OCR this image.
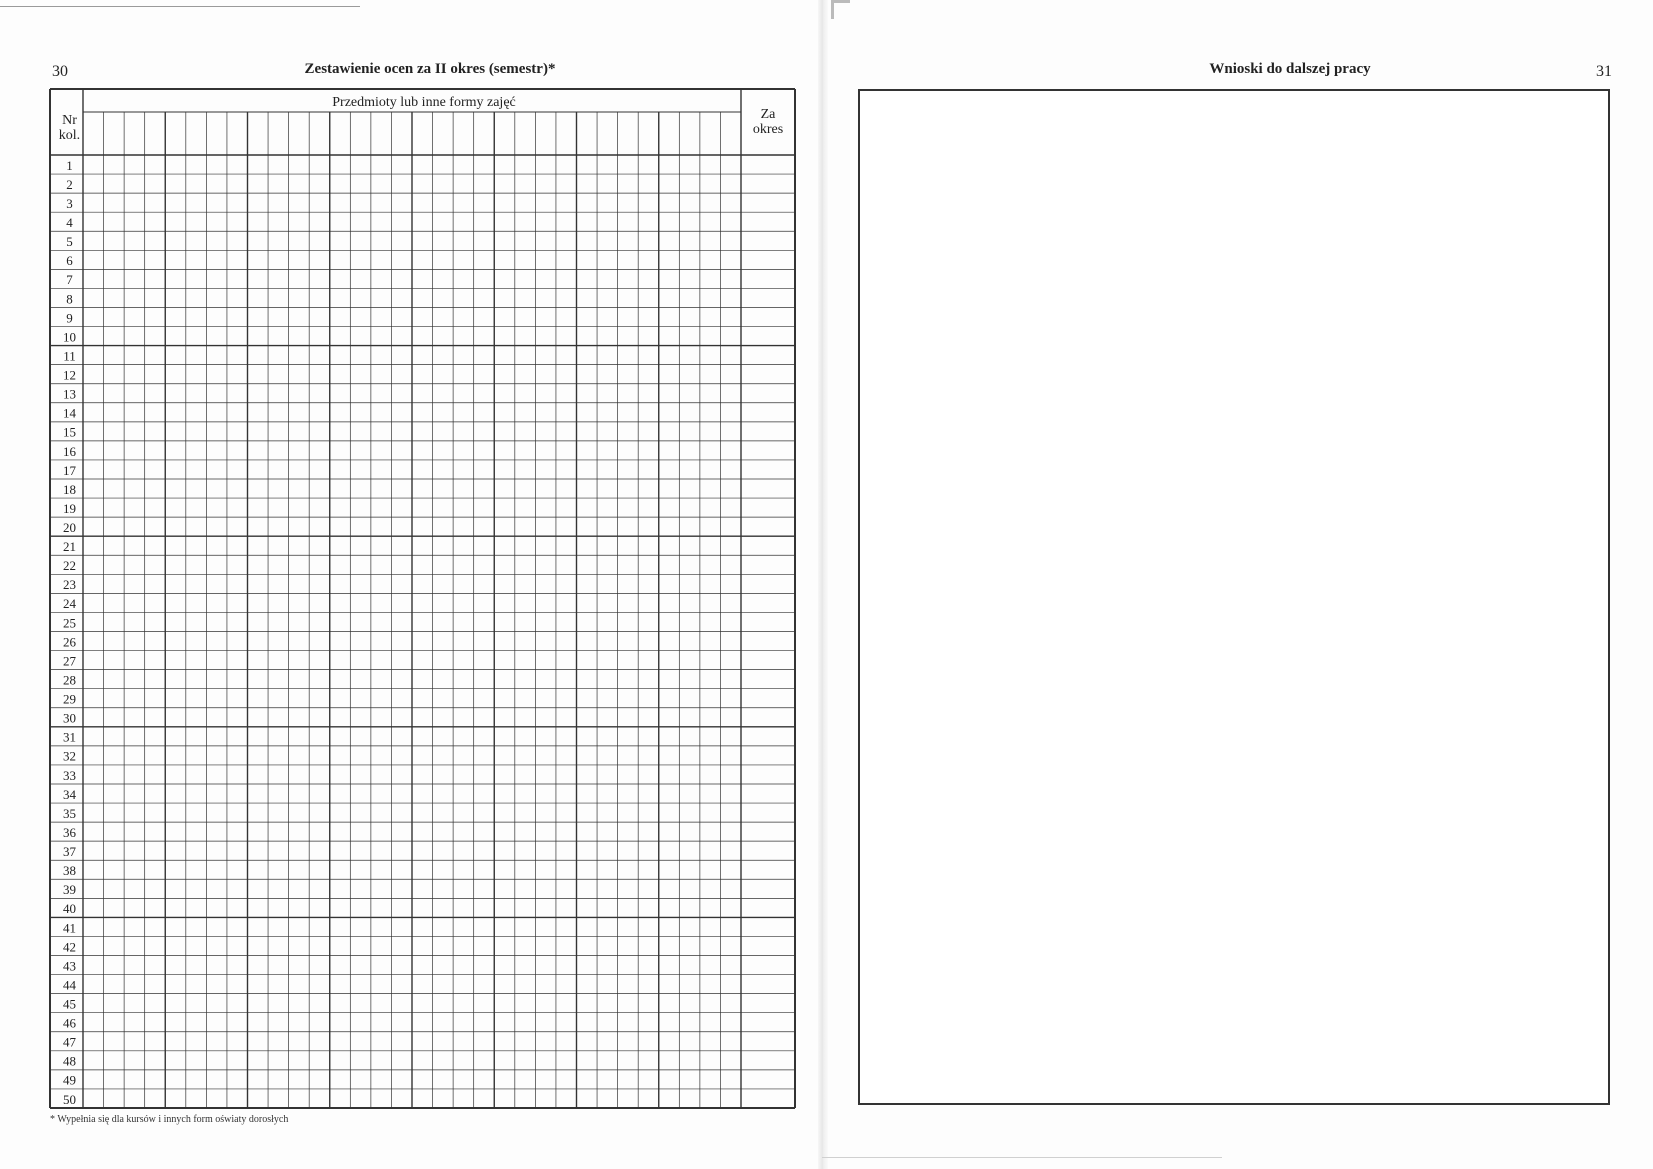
30	Zestawienie ocen za II okres (semestr)*
1
2
3
4
5
6
7
8
9
10
11
12
13
14
15
16
17
18
19
20
21
22
23
24
25
26
27
28
29
30
31
32
33
34
35
36
37
38
39
40
41
42
43
44
45
46
47
48
49
50
Nr
kol.
Przedmioty lub inne formy zajęć
Za
okres
* Wypełnia się dla kursów i innych form oświaty dorosłych
31
Wnioski do dalszej pracy
